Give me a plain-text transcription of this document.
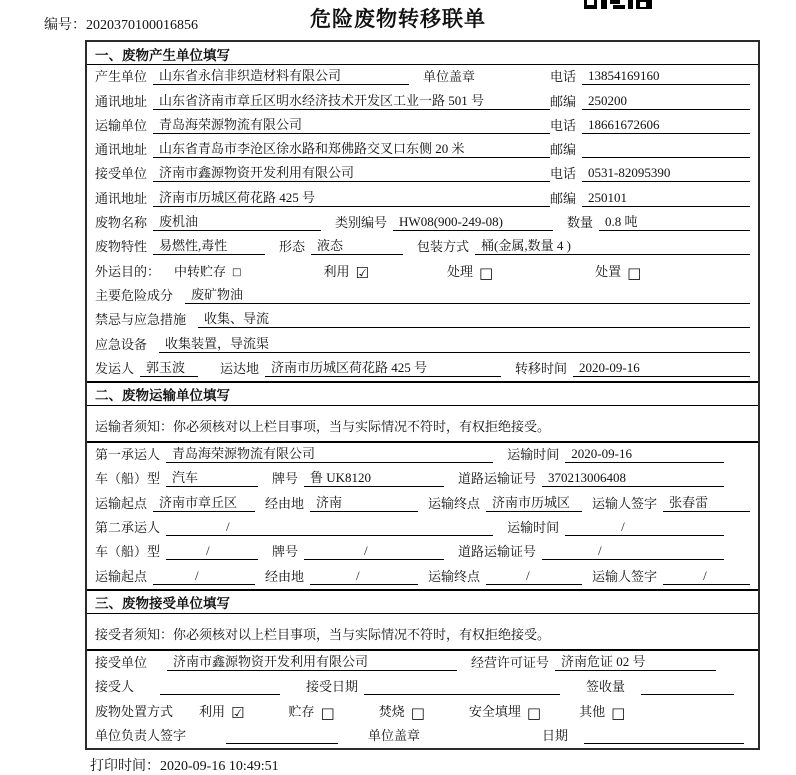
编号：2020370100016856	危险废物转移联单
一、废物产生单位填写
产生单位 山东省永信非织造材料有限公司	单位盖章	电话 13854169160
通讯地址 山东省济南市章丘区明水经济技术开发区工业一路 501 号	邮编 250200
运输单位 青岛海荣源物流有限公司	电话 18661672606
通讯地址 山东省青岛市李沧区徐水路和郑佛路交叉口东侧 20 米	邮编
接受单位 济南市鑫源物资开发利用有限公司	电话 0531-82095390
通讯地址 济南市历城区荷花路 425 号	邮编 250101
废物名称 废机油	类别编号 HW08(900-249-08)	数量 0.8 吨
废物特性 易燃性,毒性	形态 液态	包装方式 桶(金属,数量 4 )
外运目的： 中转贮存 □	利用 ☑	处理 □	处置 □
主要危险成分	废矿物油
禁忌与应急措施	收集、导流
应急设备	收集装置，导流渠
发运人 郭玉波	运达地 济南市历城区荷花路 425 号	转移时间 2020-09-16
二、废物运输单位填写
运输者须知：你必须核对以上栏目事项，当与实际情况不符时，有权拒绝接受。
第一承运人 青岛海荣源物流有限公司	运输时间 2020-09-16
车（船）型 汽车	牌号 鲁 UK8120	道路运输证号 370213006408
运输起点 济南市章丘区	经由地 济南	运输终点 济南市历城区	运输人签字 张春雷
第二承运人	/	运输时间	/
车（船）型	/	牌号	/	道路运输证号	/
运输起点	/	经由地	/	运输终点	/	运输人签字	/
三、废物接受单位填写
接受者须知：你必须核对以上栏目事项，当与实际情况不符时，有权拒绝接受。
接受单位	济南市鑫源物资开发利用有限公司	经营许可证号 济南危证 02 号
接受人	接受日期	签收量
废物处置方式 利用 ☑	贮存 □	焚烧 □	安全填埋 □	其他 □
单位负责人签字	单位盖章	日期
打印时间：2020-09-16 10:49:51
